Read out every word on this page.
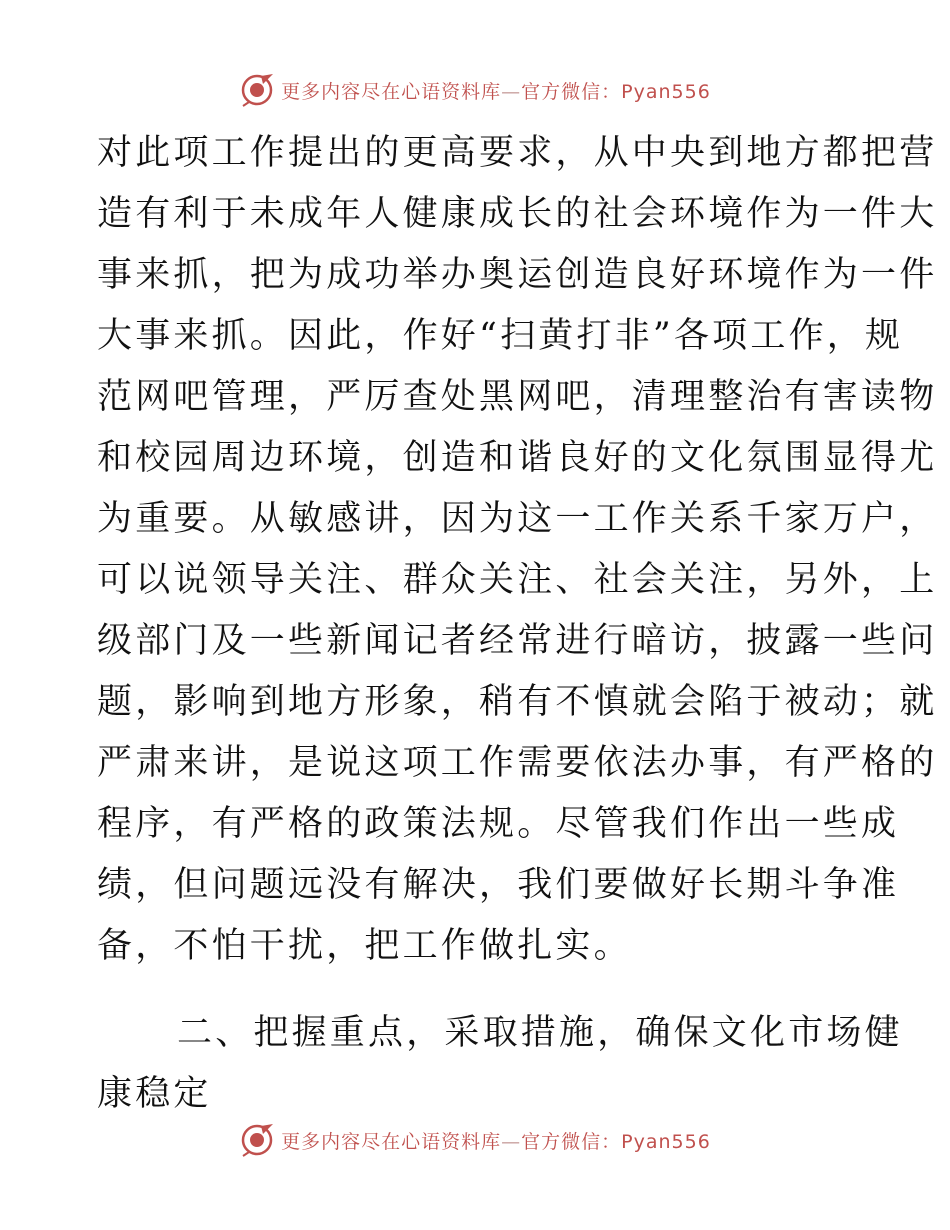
更多内容尽在心语资料库—官方微信：Pyan556
对此项工作提出的更高要求，从中央到地方都把营
造有利于未成年人健康成长的社会环境作为一件大
事来抓，把为成功举办奥运创造良好环境作为一件
大事来抓。因此，作好“扫黄打非”各项工作，规
范网吧管理，严厉查处黑网吧，清理整治有害读物
和校园周边环境，创造和谐良好的文化氛围显得尤
为重要。从敏感讲，因为这一工作关系千家万户，
可以说领导关注、群众关注、社会关注，另外，上
级部门及一些新闻记者经常进行暗访，披露一些问
题，影响到地方形象，稍有不慎就会陷于被动；就
严肃来讲，是说这项工作需要依法办事，有严格的
程序，有严格的政策法规。尽管我们作出一些成
绩，但问题远没有解决，我们要做好长期斗争准
备，不怕干扰，把工作做扎实。
二、把握重点，采取措施，确保文化市场健
康稳定
更多内容尽在心语资料库—官方微信：Pyan556
